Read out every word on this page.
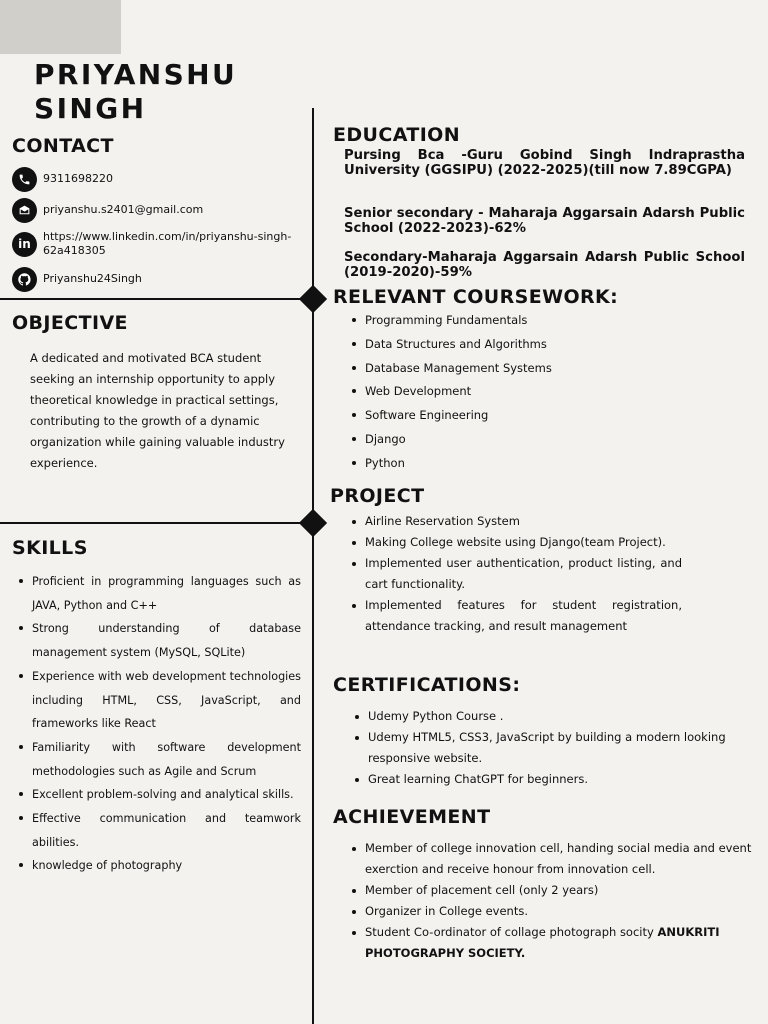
PRIYANSHU
SINGH
CONTACT
9311698220
priyanshu.s2401@gmail.com
in
https://www.linkedin.com/in/priyanshu-singh-62a418305
Priyanshu24Singh
OBJECTIVE

A dedicated and motivated BCA student seeking an internship opportunity to apply theoretical knowledge in practical settings, contributing to the growth of a dynamic organization while gaining valuable industry experience.

SKILLS
Proficient in programming languages such as JAVA, Python and C++
Strong understanding of database management system (MySQL, SQLite)
Experience with web development technologies including HTML, CSS, JavaScript, and frameworks like React
Familiarity with software development methodologies such as Agile and Scrum
Excellent problem-solving and analytical skills.
Effective communication and teamwork abilities.
knowledge of photography
EDUCATION

Pursing Bca -Guru Gobind Singh Indraprastha University (GGSIPU) (2022-2025)(till now 7.89CGPA)

Senior secondary - Maharaja Aggarsain Adarsh Public School (2022-2023)-62%

Secondary-Maharaja Aggarsain Adarsh Public School (2019-2020)-59%

RELEVANT COURSEWORK:
Programming Fundamentals
Data Structures and Algorithms
Database Management Systems
Web Development
Software Engineering
Django
Python
PROJECT
Airline Reservation System
Making College website using Django(team Project).
Implemented user authentication, product listing, and cart functionality.
Implemented features for student registration, attendance tracking, and result management
CERTIFICATIONS:
Udemy Python Course .
Udemy HTML5, CSS3, JavaScript by building a modern looking responsive website.
Great learning ChatGPT for beginners.
ACHIEVEMENT
Member of college innovation cell, handing social media and event exerction and receive honour from innovation cell.
Member of placement cell (only 2 years)
Organizer in College events.
Student Co-ordinator of collage photograph socity ANUKRITI PHOTOGRAPHY SOCIETY.
